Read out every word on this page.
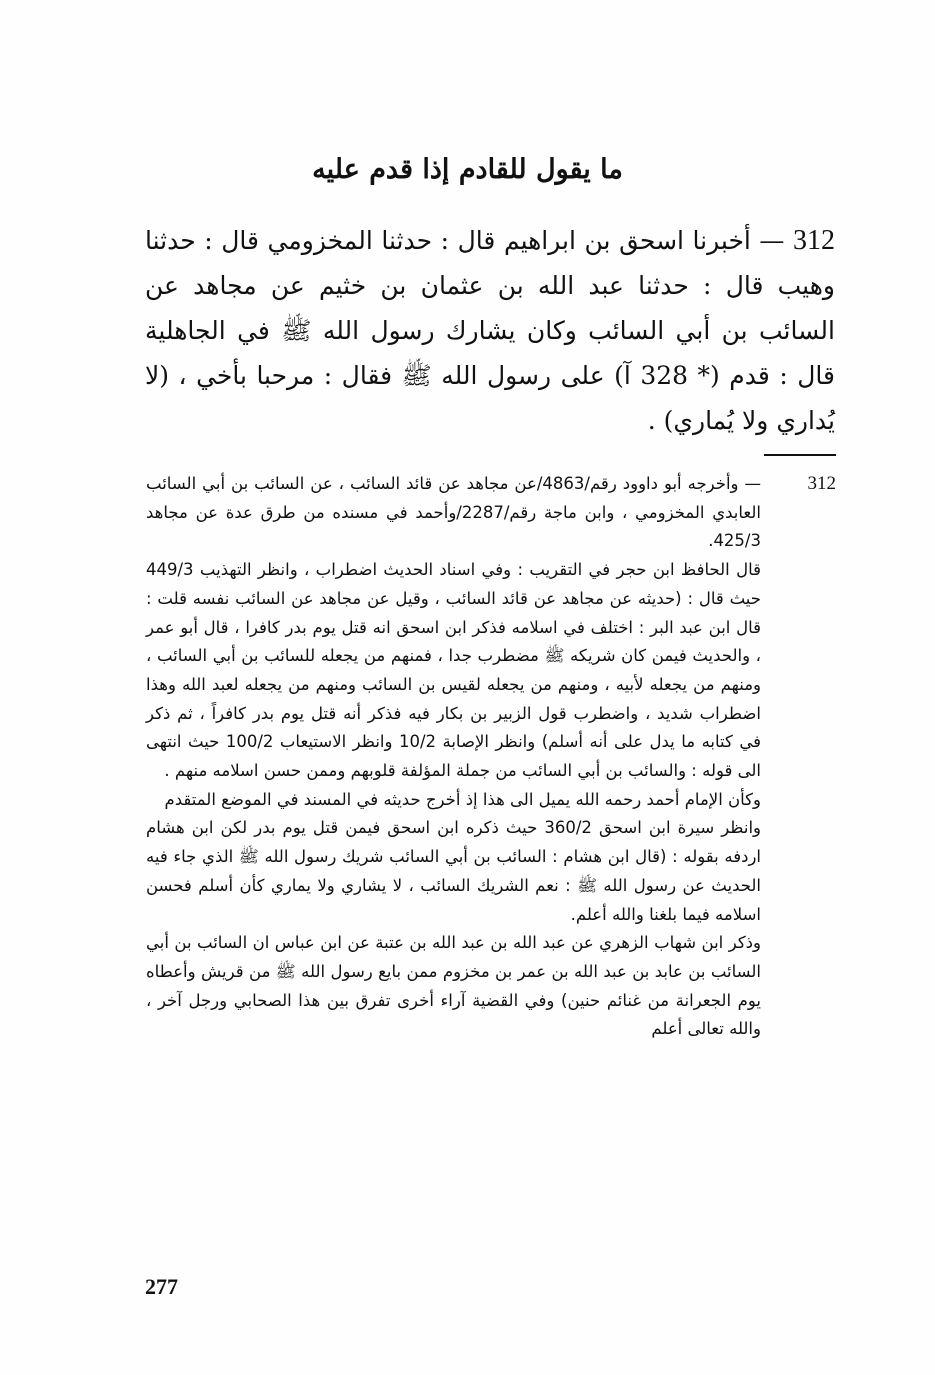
ما يقول للقادم إذا قدم عليه

312 — أخبرنا اسحق بن ابراهيم قال : حدثنا المخزومي قال : حدثنا وهيب قال : حدثنا عبد الله بن عثمان بن خثيم عن مجاهد عن السائب بن أبي السائب وكان يشارك رسول الله ﷺ في الجاهلية قال : قدم (* 328 آ) على رسول الله ﷺ فقال : مرحبا بأخي ، (لا يُداري ولا يُماري) .

312

— وأخرجه أبو داوود رقم/4863/عن مجاهد عن قائد السائب ، عن السائب بن أبي السائب العابدي المخزومي ، وابن ماجة رقم/2287/وأحمد في مسنده من طرق عدة عن مجاهد 425/3.

قال الحافظ ابن حجر في التقريب : وفي اسناد الحديث اضطراب ، وانظر التهذيب 449/3 حيث قال : (حديثه عن مجاهد عن قائد السائب ، وقيل عن مجاهد عن السائب نفسه قلت : قال ابن عبد البر : اختلف في اسلامه فذكر ابن اسحق انه قتل يوم بدر كافرا ، قال أبو عمر ، والحديث فيمن كان شريكه ﷺ مضطرب جدا ، فمنهم من يجعله للسائب بن أبي السائب ، ومنهم من يجعله لأبيه ، ومنهم من يجعله لقيس بن السائب ومنهم من يجعله لعبد الله وهذا اضطراب شديد ، واضطرب قول الزبير بن بكار فيه فذكر أنه قتل يوم بدر كافراً ، ثم ذكر في كتابه ما يدل على أنه أسلم) وانظر الإصابة 10/2 وانظر الاستيعاب 100/2 حيث انتهى الى قوله : والسائب بن أبي السائب من جملة المؤلفة قلوبهم وممن حسن اسلامه منهم .

وكأن الإمام أحمد رحمه الله يميل الى هذا إذ أخرج حديثه في المسند في الموضع المتقدم

وانظر سيرة ابن اسحق 360/2 حيث ذكره ابن اسحق فيمن قتل يوم بدر لكن ابن هشام اردفه بقوله : (قال ابن هشام : السائب بن أبي السائب شريك رسول الله ﷺ الذي جاء فيه الحديث عن رسول الله ﷺ : نعم الشريك السائب ، لا يشاري ولا يماري كأن أسلم فحسن اسلامه فيما بلغنا والله أعلم.

وذكر ابن شهاب الزهري عن عبد الله بن عبد الله بن عتبة عن ابن عباس ان السائب بن أبي السائب بن عابد بن عبد الله بن عمر بن مخزوم ممن بايع رسول الله ﷺ من قريش وأعطاه يوم الجعرانة من غنائم حنين) وفي القضية آراء أخرى تفرق بين هذا الصحابي ورجل آخر ، والله تعالى أعلم

277
